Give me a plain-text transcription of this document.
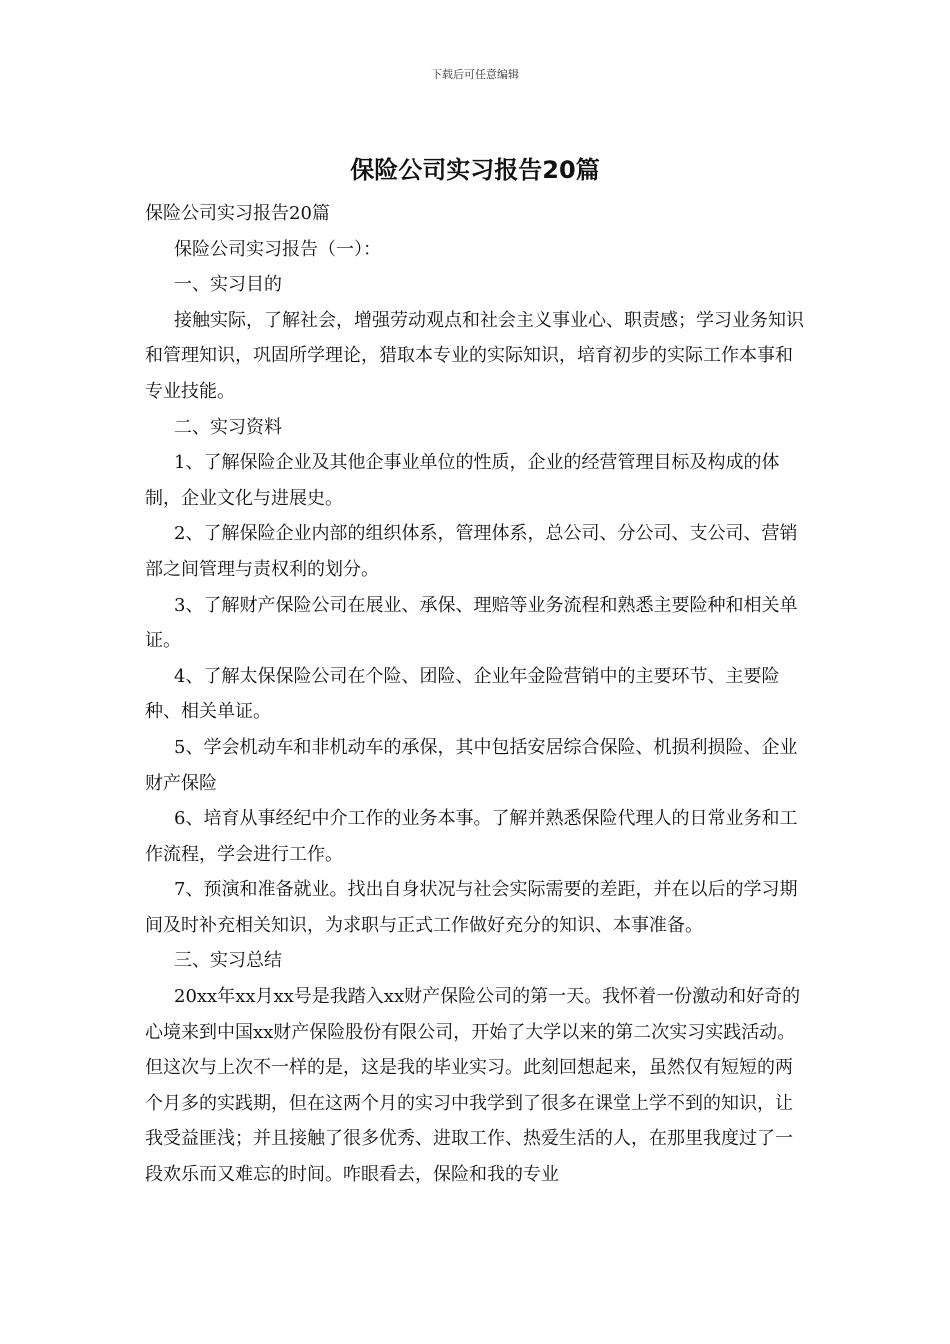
下载后可任意编辑
保险公司实习报告20篇

保险公司实习报告20篇

保险公司实习报告（一）：

一、实习目的

接触实际，了解社会，增强劳动观点和社会主义事业心、职责感；学习业务知识和管理知识，巩固所学理论，猎取本专业的实际知识，培育初步的实际工作本事和专业技能。

二、实习资料

1、了解保险企业及其他企事业单位的性质，企业的经营管理目标及构成的体制，企业文化与进展史。

2、了解保险企业内部的组织体系，管理体系，总公司、分公司、支公司、营销部之间管理与责权利的划分。

3、了解财产保险公司在展业、承保、理赔等业务流程和熟悉主要险种和相关单证。

4、了解太保保险公司在个险、团险、企业年金险营销中的主要环节、主要险种、相关单证。

5、学会机动车和非机动车的承保，其中包括安居综合保险、机损利损险、企业财产保险

6、培育从事经纪中介工作的业务本事。了解并熟悉保险代理人的日常业务和工作流程，学会进行工作。

7、预演和准备就业。找出自身状况与社会实际需要的差距，并在以后的学习期间及时补充相关知识，为求职与正式工作做好充分的知识、本事准备。

三、实习总结

20xx年xx月xx号是我踏入xx财产保险公司的第一天。我怀着一份激动和好奇的心境来到中国xx财产保险股份有限公司，开始了大学以来的第二次实习实践活动。但这次与上次不一样的是，这是我的毕业实习。此刻回想起来，虽然仅有短短的两个月多的实践期，但在这两个月的实习中我学到了很多在课堂上学不到的知识，让我受益匪浅；并且接触了很多优秀、进取工作、热爱生活的人，在那里我度过了一段欢乐而又难忘的时间。咋眼看去，保险和我的专业
